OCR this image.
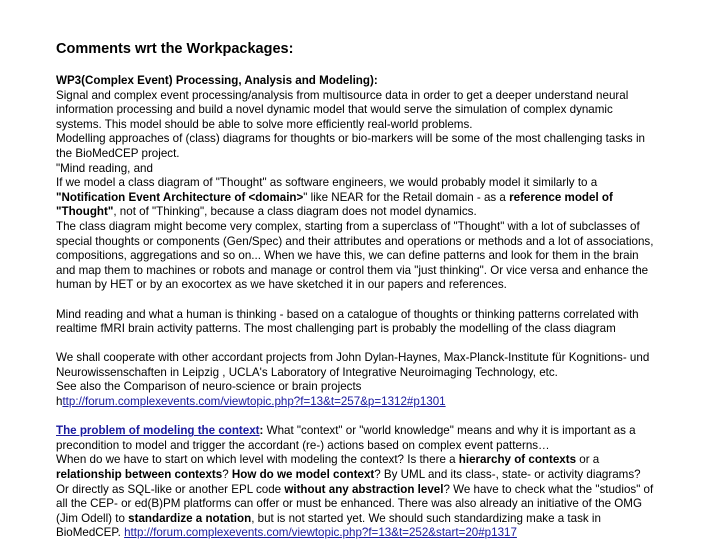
Comments wrt the Workpackages:
WP3(Complex Event) Processing, Analysis and Modeling):
Signal and complex event processing/analysis from multisource data in order to get a deeper understand neural
information processing and build a novel dynamic model that would serve the simulation of complex dynamic
systems. This model should be able to solve more efficiently real-world problems.
Modelling approaches of (class) diagrams for thoughts or bio-markers will be some of the most challenging tasks in
the BioMedCEP project.
"Mind reading, and
If we model a class diagram of "Thought" as software engineers, we would probably model it similarly to a
"Notification Event Architecture of <domain>" like NEAR for the Retail domain - as a reference model of
"Thought", not of "Thinking", because a class diagram does not model dynamics.
The class diagram might become very complex, starting from a superclass of "Thought" with a lot of subclasses of
special thoughts or components (Gen/Spec) and their attributes and operations or methods and a lot of associations,
compositions, aggregations and so on... When we have this, we can define patterns and look for them in the brain
and map them to machines or robots and manage or control them via "just thinking". Or vice versa and enhance the
human by HET or by an exocortex as we have sketched it in our papers and references.
Mind reading and what a human is thinking - based on a catalogue of thoughts or thinking patterns correlated with
realtime fMRI brain activity patterns. The most challenging part is probably the modelling of the class diagram
We shall cooperate with other accordant projects from John Dylan-Haynes, Max-Planck-Institute für Kognitions- und
Neurowissenschaften in Leipzig , UCLA's Laboratory of Integrative Neuroimaging Technology, etc.
See also the Comparison of neuro-science or brain projects
http://forum.complexevents.com/viewtopic.php?f=13&t=257&p=1312#p1301
The problem of modeling the context: What "context" or "world knowledge" means and why it is important as a
precondition to model and trigger the accordant (re-) actions based on complex event patterns…
When do we have to start on which level with modeling the context? Is there a hierarchy of contexts or a
relationship between contexts? How do we model context? By UML and its class-, state- or activity diagrams?
Or directly as SQL-like or another EPL code without any abstraction level? We have to check what the "studios" of
all the CEP- or ed(B)PM platforms can offer or must be enhanced. There was also already an initiative of the OMG
(Jim Odell) to standardize a notation, but is not started yet. We should such standardizing make a task in
BioMedCEP. http://forum.complexevents.com/viewtopic.php?f=13&t=252&start=20#p1317
